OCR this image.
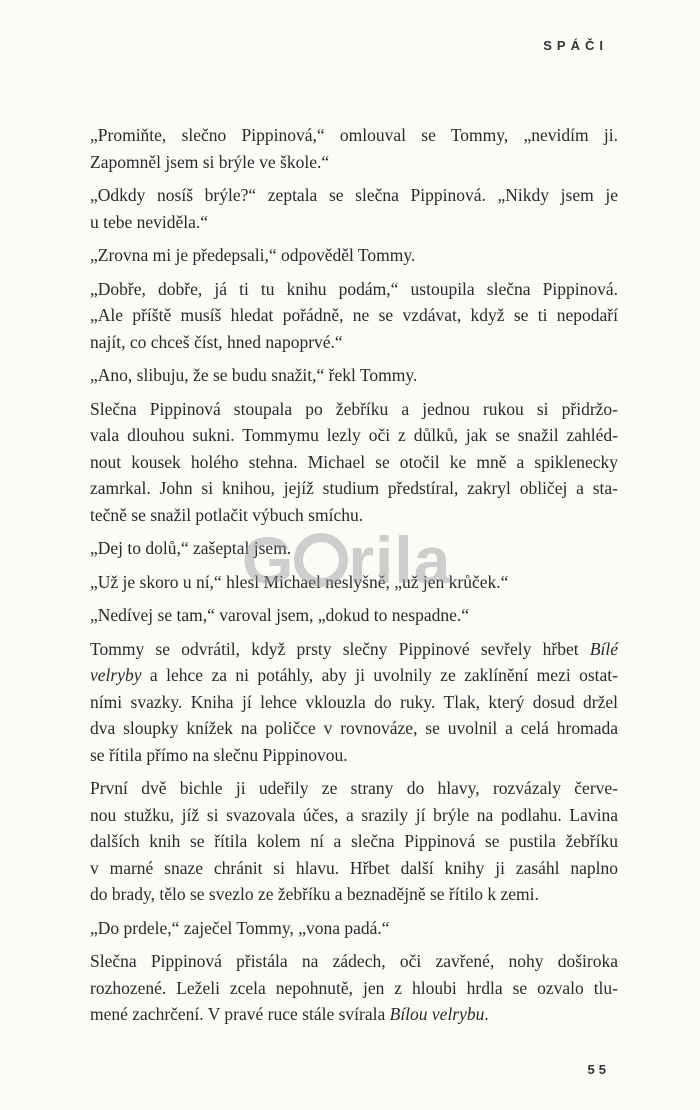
SPÁČI

„Promiňte, slečno Pippinová,“ omlouval se Tommy, „nevidím ji.
Zapomněl jsem si brýle ve škole.“

„Odkdy nosíš brýle?“ zeptala se slečna Pippinová. „Nikdy jsem je
u tebe neviděla.“

„Zrovna mi je předepsali,“ odpověděl Tommy.

„Dobře, dobře, já ti tu knihu podám,“ ustoupila slečna Pippinová.
„Ale příště musíš hledat pořádně, ne se vzdávat, když se ti nepodaří
najít, co chceš číst, hned napoprvé.“

„Ano, slibuju, že se budu snažit,“ řekl Tommy.

Slečna Pippinová stoupala po žebříku a jednou rukou si přidržo-
vala dlouhou sukni. Tommymu lezly oči z důlků, jak se snažil zahléd-
nout kousek holého stehna. Michael se otočil ke mně a spiklenecky
zamrkal. John si knihou, jejíž studium předstíral, zakryl obličej a sta-
tečně se snažil potlačit výbuch smíchu.

„Dej to dolů,“ zašeptal jsem.

„Už je skoro u ní,“ hlesl Michael neslyšně, „už jen krůček.“

„Nedívej se tam,“ varoval jsem, „dokud to nespadne.“

Tommy se odvrátil, když prsty slečny Pippinové sevřely hřbet Bílé
velryby a lehce za ni potáhly, aby ji uvolnily ze zaklínění mezi ostat-
ními svazky. Kniha jí lehce vklouzla do ruky. Tlak, který dosud držel
dva sloupky knížek na poličce v rovnováze, se uvolnil a celá hromada
se řítila přímo na slečnu Pippinovou.

První dvě bichle ji udeřily ze strany do hlavy, rozvázaly červe-
nou stužku, jíž si svazovala účes, a srazily jí brýle na podlahu. Lavina
dalších knih se řítila kolem ní a slečna Pippinová se pustila žebříku
v marné snaze chránit si hlavu. Hřbet další knihy ji zasáhl naplno
do brady, tělo se svezlo ze žebříku a beznadějně se řítilo k zemi.

„Do prdele,“ zaječel Tommy, „vona padá.“

Slečna Pippinová přistála na zádech, oči zavřené, nohy doširoka
rozhozené. Leželi zcela nepohnutě, jen z hloubi hrdla se ozvalo tlu-
mené zachrčení. V pravé ruce stále svírala Bílou velrybu.

G rila
55
